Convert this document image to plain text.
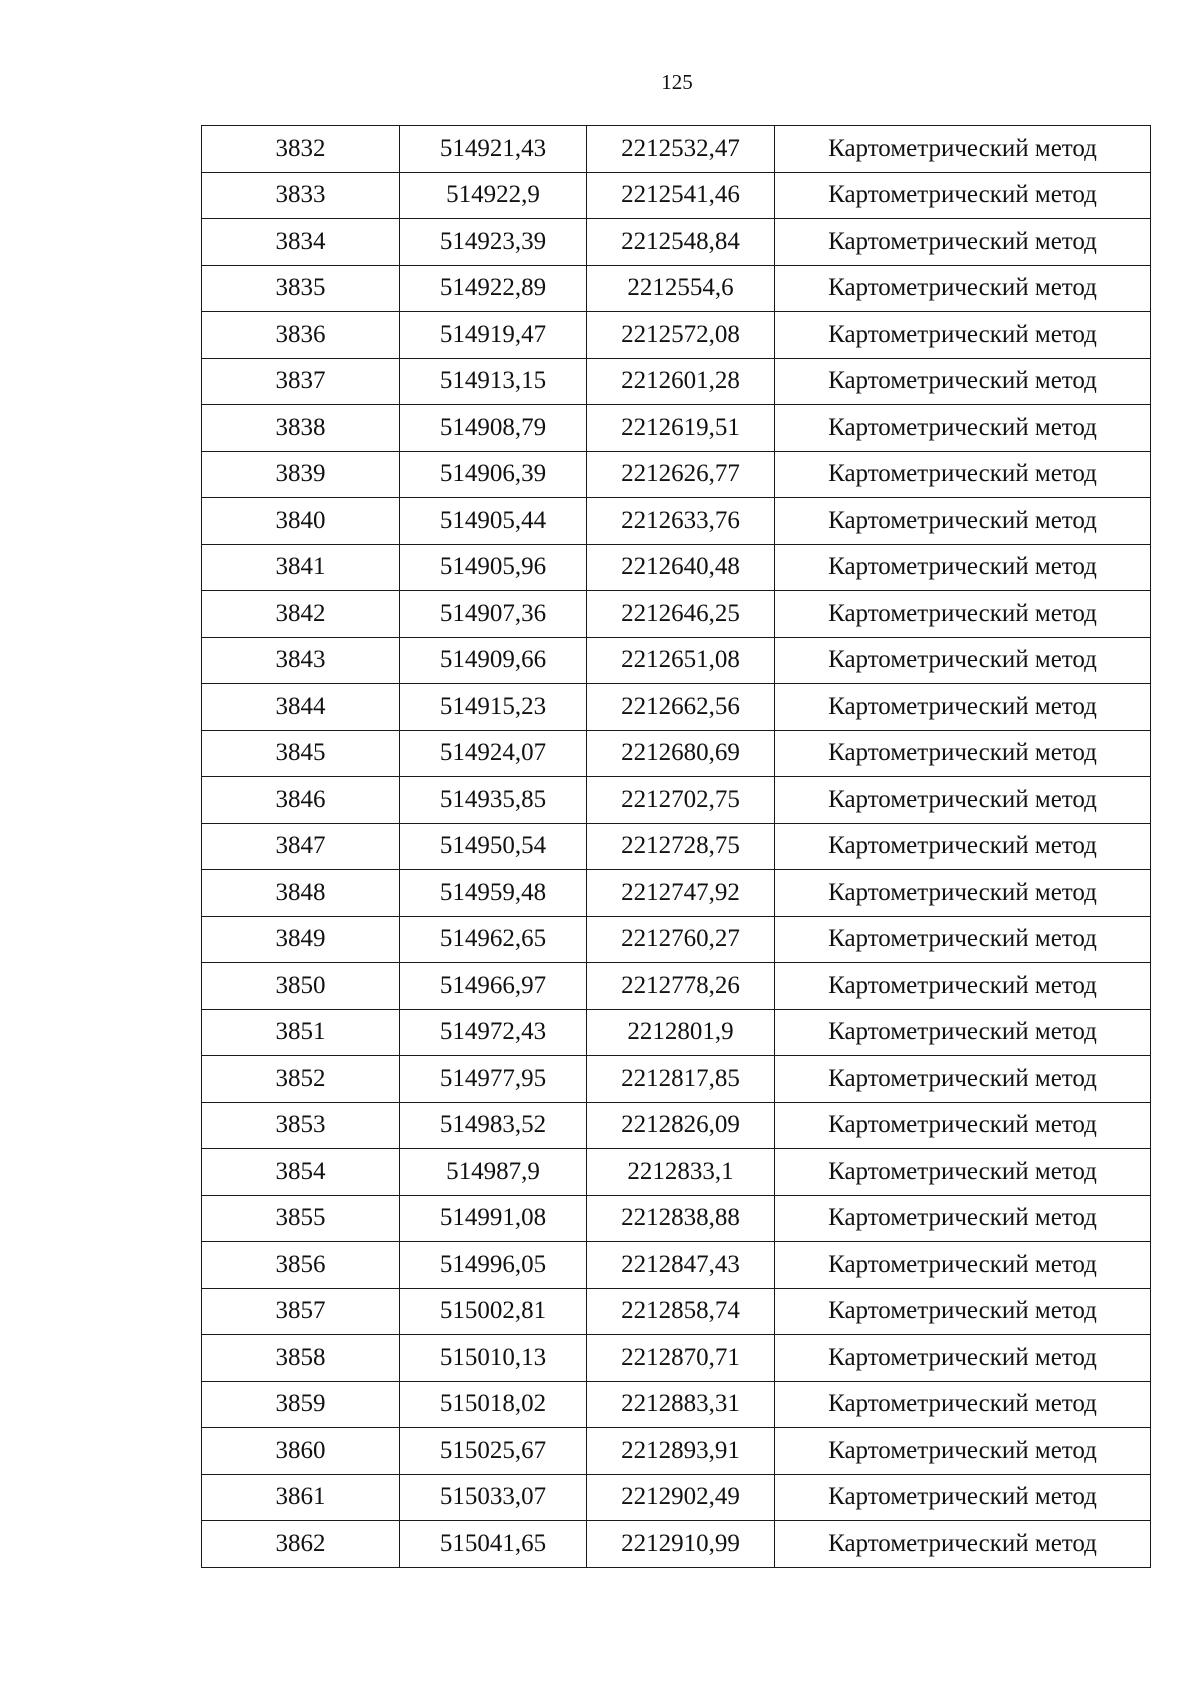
125
3832	514921,43	2212532,47	Картометрический метод
3833	514922,9	2212541,46	Картометрический метод
3834	514923,39	2212548,84	Картометрический метод
3835	514922,89	2212554,6	Картометрический метод
3836	514919,47	2212572,08	Картометрический метод
3837	514913,15	2212601,28	Картометрический метод
3838	514908,79	2212619,51	Картометрический метод
3839	514906,39	2212626,77	Картометрический метод
3840	514905,44	2212633,76	Картометрический метод
3841	514905,96	2212640,48	Картометрический метод
3842	514907,36	2212646,25	Картометрический метод
3843	514909,66	2212651,08	Картометрический метод
3844	514915,23	2212662,56	Картометрический метод
3845	514924,07	2212680,69	Картометрический метод
3846	514935,85	2212702,75	Картометрический метод
3847	514950,54	2212728,75	Картометрический метод
3848	514959,48	2212747,92	Картометрический метод
3849	514962,65	2212760,27	Картометрический метод
3850	514966,97	2212778,26	Картометрический метод
3851	514972,43	2212801,9	Картометрический метод
3852	514977,95	2212817,85	Картометрический метод
3853	514983,52	2212826,09	Картометрический метод
3854	514987,9	2212833,1	Картометрический метод
3855	514991,08	2212838,88	Картометрический метод
3856	514996,05	2212847,43	Картометрический метод
3857	515002,81	2212858,74	Картометрический метод
3858	515010,13	2212870,71	Картометрический метод
3859	515018,02	2212883,31	Картометрический метод
3860	515025,67	2212893,91	Картометрический метод
3861	515033,07	2212902,49	Картометрический метод
3862	515041,65	2212910,99	Картометрический метод
